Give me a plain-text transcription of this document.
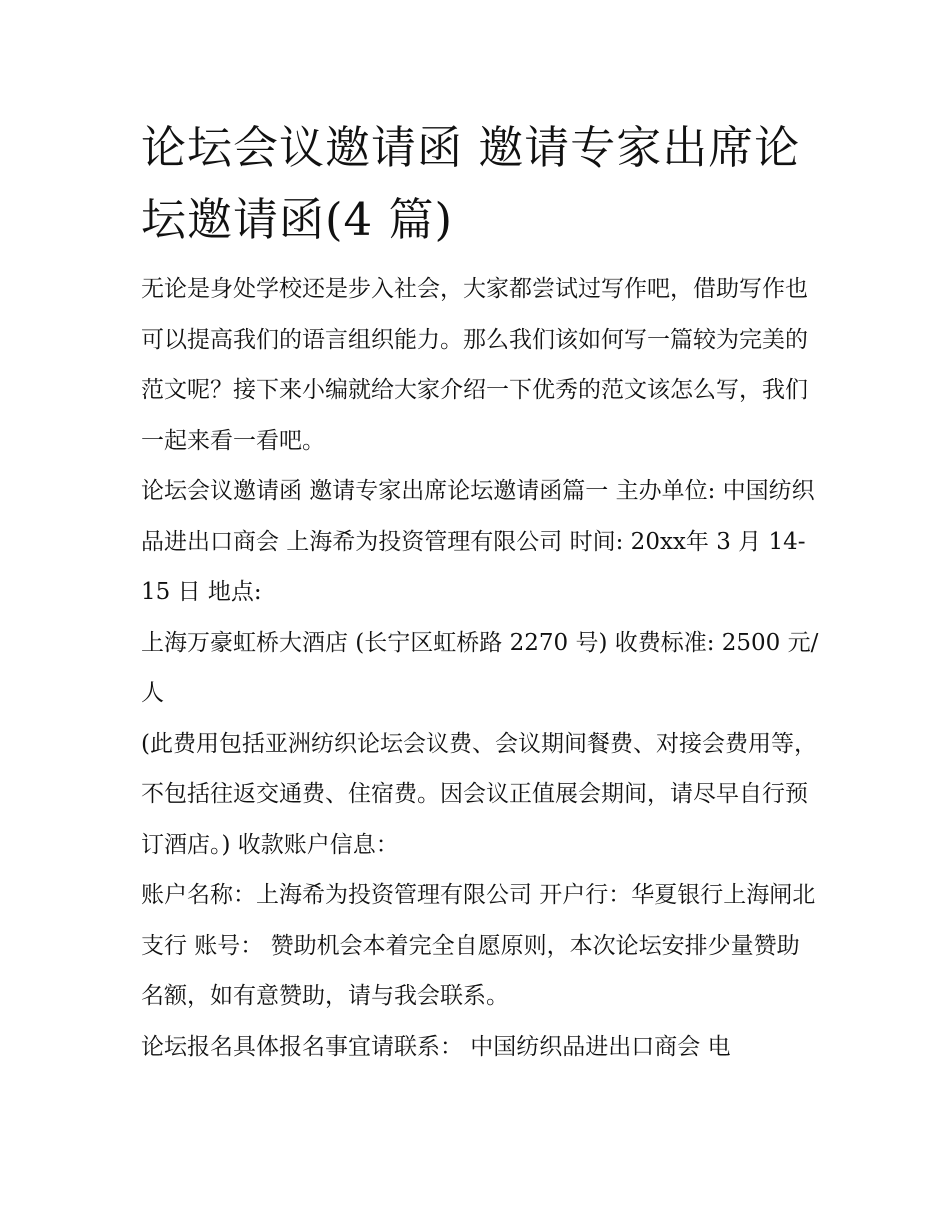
论坛会议邀请函 邀请专家出席论坛邀请函(4 篇)

无论是身处学校还是步入社会，大家都尝试过写作吧，借助写作也可以提高我们的语言组织能力。那么我们该如何写一篇较为完美的范文呢？接下来小编就给大家介绍一下优秀的范文该怎么写，我们一起来看一看吧。

论坛会议邀请函 邀请专家出席论坛邀请函篇一 主办单位: 中国纺织品进出口商会 上海希为投资管理有限公司 时间: 20xx年 3 月 14-15 日 地点:

上海万豪虹桥大酒店 (长宁区虹桥路 2270 号) 收费标准: 2500 元/人

(此费用包括亚洲纺织论坛会议费、会议期间餐费、对接会费用等，不包括往返交通费、住宿费。因会议正值展会期间，请尽早自行预订酒店。) 收款账户信息：

账户名称：上海希为投资管理有限公司 开户行：华夏银行上海闸北支行 账号： 赞助机会本着完全自愿原则，本次论坛安排少量赞助名额，如有意赞助，请与我会联系。

论坛报名具体报名事宜请联系： 中国纺织品进出口商会 电
